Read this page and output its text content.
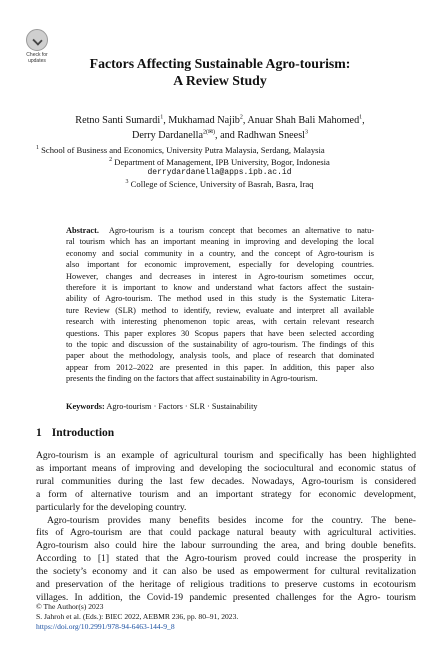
Check for
updates	Factors Affecting Sustainable Agro-tourism:
A Review Study
Retno Santi Sumardi$^1$, Mukhamad Najib$^2$, Anuar Shah Bali Mahomed$^1$,
Derry Dardanella$^{2(✉)}$, and Radhwan Sneesl$^3$
$^1$ School of Business and Economics, University Putra Malaysia, Serdang, Malaysia
$^2$ Department of Management, IPB University, Bogor, Indonesia
derrydardanella@apps.ipb.ac.id
$^3$ College of Science, University of Basrah, Basra, Iraq
Abstract. Agro-tourism is a tourism concept that becomes an alternative to natu-
ral tourism which has an important meaning in improving and developing the local
economy and social community in a country, and the concept of Agro-tourism is
also important for economic improvement, especially for developing countries.
However, changes and decreases in interest in Agro-tourism sometimes occur,
therefore it is important to know and understand what factors affect the sustain-
ability of Agro-tourism. The method used in this study is the Systematic Litera-
ture Review (SLR) method to identify, review, evaluate and interpret all available
research with interesting phenomenon topic areas, with certain relevant research
questions. This paper explores 30 Scopus papers that have been selected according
to the topic and discussion of the sustainability of agro-tourism. The findings of this
paper about the methodology, analysis tools, and place of research that dominated
appear from 2012–2022 are presented in this paper. In addition, this paper also
presents the finding on the factors that affect sustainability in Agro-tourism.
Keywords: Agro-tourism · Factors · SLR · Sustainability
1 Introduction
Agro-tourism is an example of agricultural tourism and specifically has been highlighted
as important means of improving and developing the sociocultural and economic status of
rural communities during the last few decades. Nowadays, Agro-tourism is considered
a form of alternative tourism and an important strategy for economic development,
particularly for the developing country.
Agro-tourism provides many benefits besides income for the country. The bene-
fits of Agro-tourism are that could package natural beauty with agricultural activities.
Agro-tourism also could hire the labour surrounding the area, and bring double benefits.
According to [1] stated that the Agro-tourism proved could increase the prosperity in
the society’s economy and it can also be used as empowerment for cultural revitalization
and preservation of the heritage of religious traditions to preserve customs in ecotourism
villages. In addition, the Covid-19 pandemic presented challenges for the Agro- tourism
© The Author(s) 2023
S. Jahroh et al. (Eds.): BIEC 2022, AEBMR 236, pp. 80–91, 2023.
https://doi.org/10.2991/978-94-6463-144-9_8
